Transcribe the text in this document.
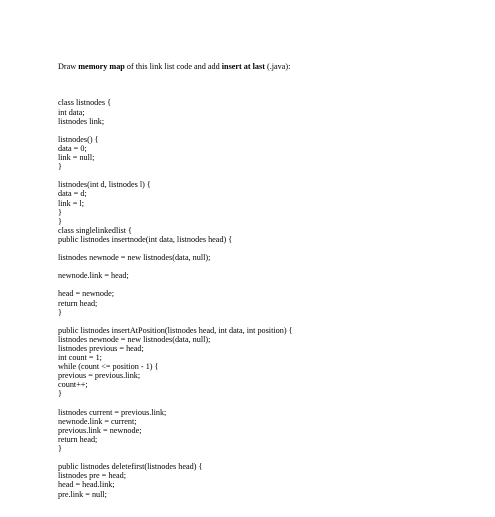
Draw memory map of this link list code and add insert at last (.java):

class listnodes {
int data;
listnodes link;
listnodes() {
data = 0;
link = null;
}
listnodes(int d, listnodes l) {
data = d;
link = l;
}
}
class singlelinkedlist {
public listnodes insertnode(int data, listnodes head) {
listnodes newnode = new listnodes(data, null);
newnode.link = head;
head = newnode;
return head;
}
public listnodes insertAtPosition(listnodes head, int data, int position) {
listnodes newnode = new listnodes(data, null);
listnodes previous = head;
int count = 1;
while (count <= position - 1) {
previous = previous.link;
count++;
}
listnodes current = previous.link;
newnode.link = current;
previous.link = newnode;
return head;
}
public listnodes deletefirst(listnodes head) {
listnodes pre = head;
head = head.link;
pre.link = null;
